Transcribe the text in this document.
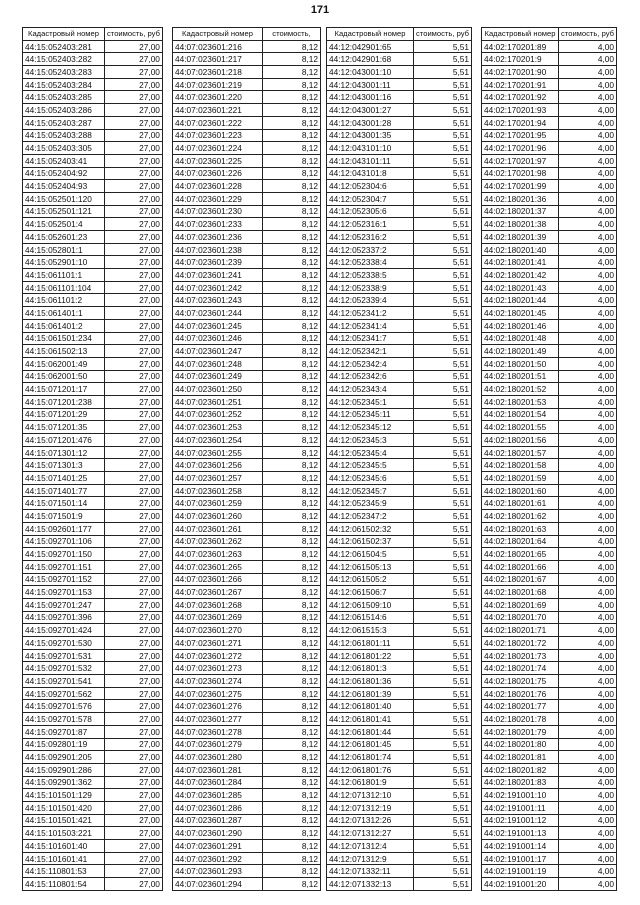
171
Кадастровый номер	стоимость, руб
44:15:052403:281	27,00
44:15:052403:282	27,00
44:15:052403:283	27,00
44:15:052403:284	27,00
44:15:052403:285	27,00
44:15:052403:286	27,00
44:15:052403:287	27,00
44:15:052403:288	27,00
44:15:052403:305	27,00
44:15:052403:41	27,00
44:15:052404:92	27,00
44:15:052404:93	27,00
44:15:052501:120	27,00
44:15:052501:121	27,00
44:15:052501:4	27,00
44:15:052601:23	27,00
44:15:052801:1	27,00
44:15:052901:10	27,00
44:15:061101:1	27,00
44:15:061101:104	27,00
44:15:061101:2	27,00
44:15:061401:1	27,00
44:15:061401:2	27,00
44:15:061501:234	27,00
44:15:061502:13	27,00
44:15:062001:49	27,00
44:15:062001:50	27,00
44:15:071201:17	27,00
44:15:071201:238	27,00
44:15:071201:29	27,00
44:15:071201:35	27,00
44:15:071201:476	27,00
44:15:071301:12	27,00
44:15:071301:3	27,00
44:15:071401:25	27,00
44:15:071401:77	27,00
44:15:071501:14	27,00
44:15:071501:9	27,00
44:15:092601:177	27,00
44:15:092701:106	27,00
44:15:092701:150	27,00
44:15:092701:151	27,00
44:15:092701:152	27,00
44:15:092701:153	27,00
44:15:092701:247	27,00
44:15:092701:396	27,00
44:15:092701:424	27,00
44:15:092701:530	27,00
44:15:092701:531	27,00
44:15:092701:532	27,00
44:15:092701:541	27,00
44:15:092701:562	27,00
44:15:092701:576	27,00
44:15:092701:578	27,00
44:15:092701:87	27,00
44:15:092801:19	27,00
44:15:092901:205	27,00
44:15:092901:286	27,00
44:15:092901:362	27,00
44:15:101501:129	27,00
44:15:101501:420	27,00
44:15:101501:421	27,00
44:15:101503:221	27,00
44:15:101601:40	27,00
44:15:101601:41	27,00
44:15:110801:53	27,00
44:15:110801:54	27,00
Кадастровый номер	стоимость,
44:07:023601:216	8,12
44:07:023601:217	8,12
44:07:023601:218	8,12
44:07:023601:219	8,12
44:07:023601:220	8,12
44:07:023601:221	8,12
44:07:023601:222	8,12
44:07:023601:223	8,12
44:07:023601:224	8,12
44:07:023601:225	8,12
44:07:023601:226	8,12
44:07:023601:228	8,12
44:07:023601:229	8,12
44:07:023601:230	8,12
44:07:023601:233	8,12
44:07:023601:236	8,12
44:07:023601:238	8,12
44:07:023601:239	8,12
44:07:023601:241	8,12
44:07:023601:242	8,12
44:07:023601:243	8,12
44:07:023601:244	8,12
44:07:023601:245	8,12
44:07:023601:246	8,12
44:07:023601:247	8,12
44:07:023601:248	8,12
44:07:023601:249	8,12
44:07:023601:250	8,12
44:07:023601:251	8,12
44:07:023601:252	8,12
44:07:023601:253	8,12
44:07:023601:254	8,12
44:07:023601:255	8,12
44:07:023601:256	8,12
44:07:023601:257	8,12
44:07:023601:258	8,12
44:07:023601:259	8,12
44:07:023601:260	8,12
44:07:023601:261	8,12
44:07:023601:262	8,12
44:07:023601:263	8,12
44:07:023601:265	8,12
44:07:023601:266	8,12
44:07:023601:267	8,12
44:07:023601:268	8,12
44:07:023601:269	8,12
44:07:023601:270	8,12
44:07:023601:271	8,12
44:07:023601:272	8,12
44:07:023601:273	8,12
44:07:023601:274	8,12
44:07:023601:275	8,12
44:07:023601:276	8,12
44:07:023601:277	8,12
44:07:023601:278	8,12
44:07:023601:279	8,12
44:07:023601:280	8,12
44:07:023601:281	8,12
44:07:023601:284	8,12
44:07:023601:285	8,12
44:07:023601:286	8,12
44:07:023601:287	8,12
44:07:023601:290	8,12
44:07:023601:291	8,12
44:07:023601:292	8,12
44:07:023601:293	8,12
44:07:023601:294	8,12
Кадастровый номер	стоимость, руб
44:12:042901:65	5,51
44:12:042901:68	5,51
44:12:043001:10	5,51
44:12:043001:11	5,51
44:12:043001:16	5,51
44:12:043001:27	5,51
44:12:043001:28	5,51
44:12:043001:35	5,51
44:12:043101:10	5,51
44:12:043101:11	5,51
44:12:043101:8	5,51
44:12:052304:6	5,51
44:12:052304:7	5,51
44:12:052305:6	5,51
44:12:052316:1	5,51
44:12:052316:2	5,51
44:12:052337:2	5,51
44:12:052338:4	5,51
44:12:052338:5	5,51
44:12:052338:9	5,51
44:12:052339:4	5,51
44:12:052341:2	5,51
44:12:052341:4	5,51
44:12:052341:7	5,51
44:12:052342:1	5,51
44:12:052342:4	5,51
44:12:052342:6	5,51
44:12:052343:4	5,51
44:12:052345:1	5,51
44:12:052345:11	5,51
44:12:052345:12	5,51
44:12:052345:3	5,51
44:12:052345:4	5,51
44:12:052345:5	5,51
44:12:052345:6	5,51
44:12:052345:7	5,51
44:12:052345:9	5,51
44:12:052347:2	5,51
44:12:061502:32	5,51
44:12:061502:37	5,51
44:12:061504:5	5,51
44:12:061505:13	5,51
44:12:061505:2	5,51
44:12:061506:7	5,51
44:12:061509:10	5,51
44:12:061514:6	5,51
44:12:061515:3	5,51
44:12:061801:11	5,51
44:12:061801:22	5,51
44:12:061801:3	5,51
44:12:061801:36	5,51
44:12:061801:39	5,51
44:12:061801:40	5,51
44:12:061801:41	5,51
44:12:061801:44	5,51
44:12:061801:45	5,51
44:12:061801:74	5,51
44:12:061801:76	5,51
44:12:061801:9	5,51
44:12:071312:10	5,51
44:12:071312:19	5,51
44:12:071312:26	5,51
44:12:071312:27	5,51
44:12:071312:4	5,51
44:12:071312:9	5,51
44:12:071332:11	5,51
44:12:071332:13	5,51
Кадастровый номер	стоимость, руб
44:02:170201:89	4,00
44:02:170201:9	4,00
44:02:170201:90	4,00
44:02:170201:91	4,00
44:02:170201:92	4,00
44:02:170201:93	4,00
44:02:170201:94	4,00
44:02:170201:95	4,00
44:02:170201:96	4,00
44:02:170201:97	4,00
44:02:170201:98	4,00
44:02:170201:99	4,00
44:02:180201:36	4,00
44:02:180201:37	4,00
44:02:180201:38	4,00
44:02:180201:39	4,00
44:02:180201:40	4,00
44:02:180201:41	4,00
44:02:180201:42	4,00
44:02:180201:43	4,00
44:02:180201:44	4,00
44:02:180201:45	4,00
44:02:180201:46	4,00
44:02:180201:48	4,00
44:02:180201:49	4,00
44:02:180201:50	4,00
44:02:180201:51	4,00
44:02:180201:52	4,00
44:02:180201:53	4,00
44:02:180201:54	4,00
44:02:180201:55	4,00
44:02:180201:56	4,00
44:02:180201:57	4,00
44:02:180201:58	4,00
44:02:180201:59	4,00
44:02:180201:60	4,00
44:02:180201:61	4,00
44:02:180201:62	4,00
44:02:180201:63	4,00
44:02:180201:64	4,00
44:02:180201:65	4,00
44:02:180201:66	4,00
44:02:180201:67	4,00
44:02:180201:68	4,00
44:02:180201:69	4,00
44:02:180201:70	4,00
44:02:180201:71	4,00
44:02:180201:72	4,00
44:02:180201:73	4,00
44:02:180201:74	4,00
44:02:180201:75	4,00
44:02:180201:76	4,00
44:02:180201:77	4,00
44:02:180201:78	4,00
44:02:180201:79	4,00
44:02:180201:80	4,00
44:02:180201:81	4,00
44:02:180201:82	4,00
44:02:180201:83	4,00
44:02:191001:10	4,00
44:02:191001:11	4,00
44:02:191001:12	4,00
44:02:191001:13	4,00
44:02:191001:14	4,00
44:02:191001:17	4,00
44:02:191001:19	4,00
44:02:191001:20	4,00
